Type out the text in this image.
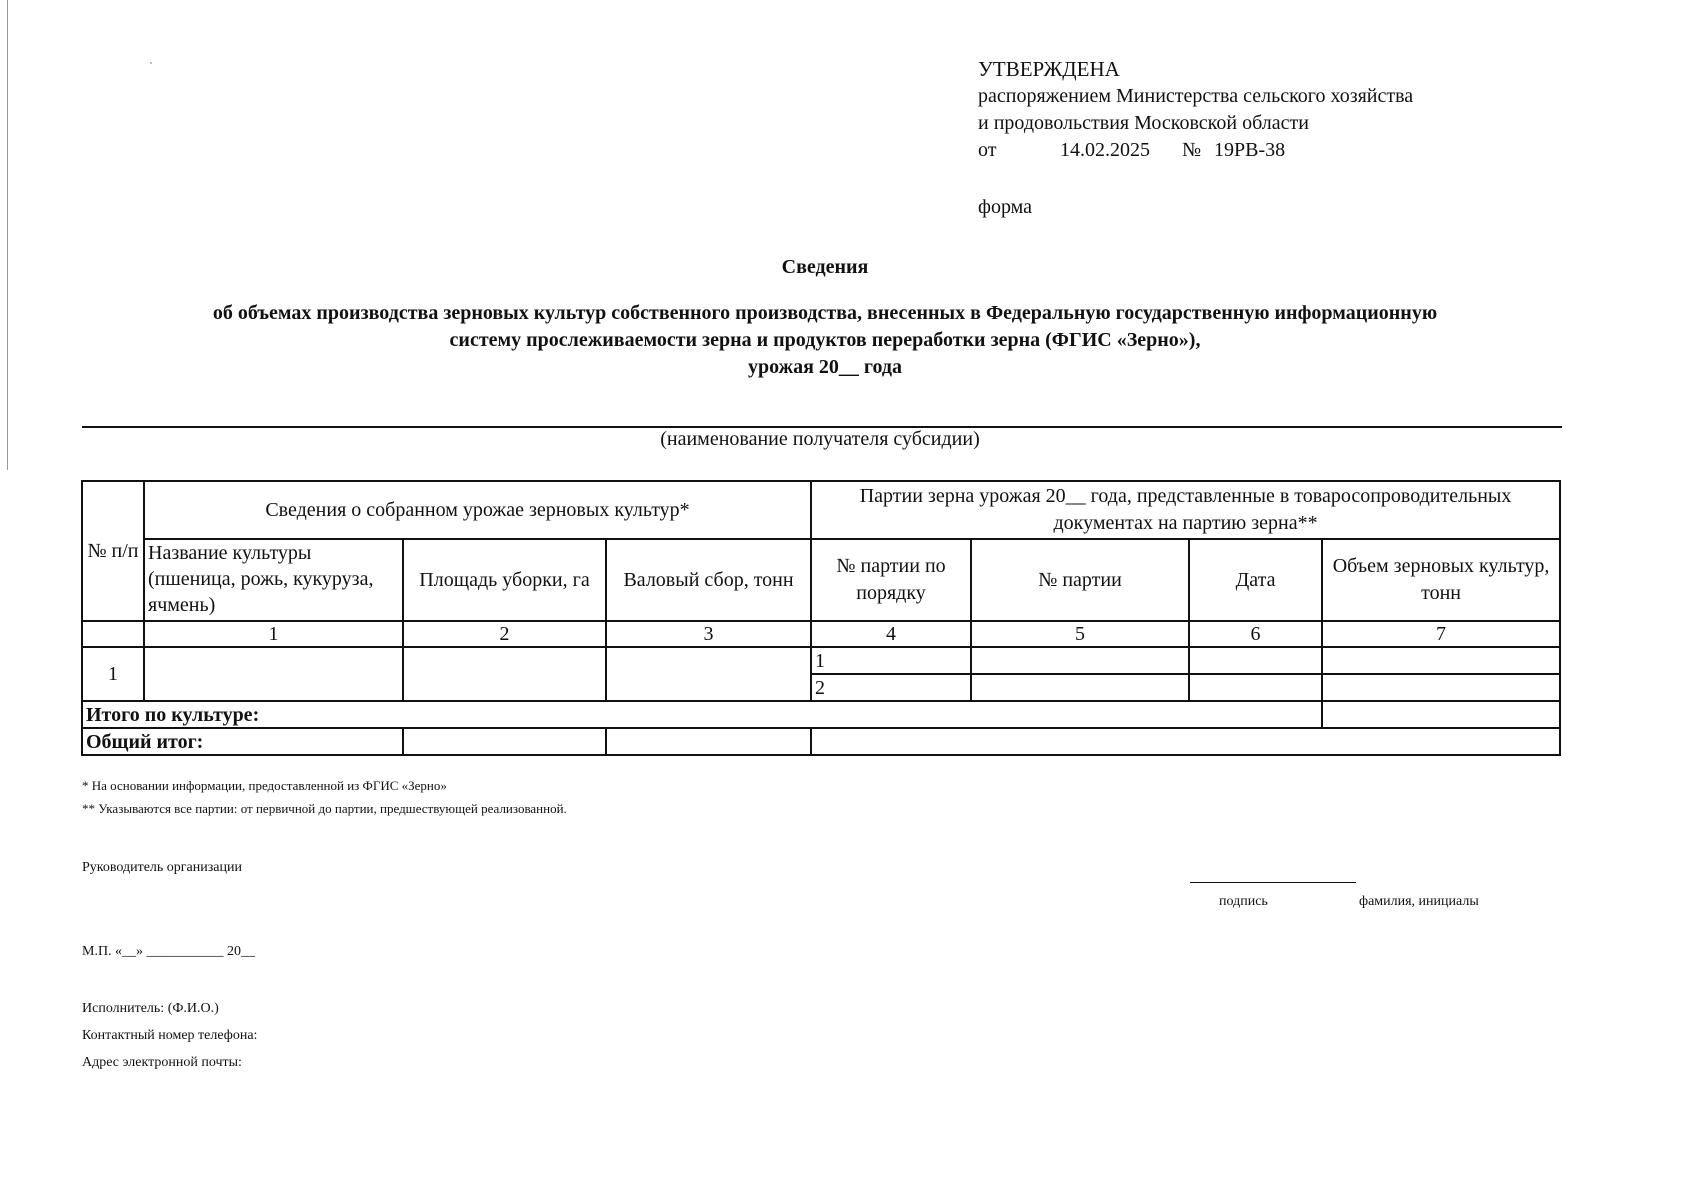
УТВЕРЖДЕНА
распоряжением Министерства сельского хозяйства
и продовольствия Московской области
от	14.02.2025	№ 19РВ-38
форма
Сведения
об объемах производства зерновых культур собственного производства, внесенных в Федеральную государственную информационную
систему прослеживаемости зерна и продуктов переработки зерна (ФГИС «Зерно»),
урожая 20__ года
(наименование получателя субсидии)
№ п/п	Сведения о собранном урожае зерновых культур*			Партии зерна урожая 20__ года, представленные в товаросопроводительных документах на партию зерна**			
	Название культуры (пшеница, рожь, кукуруза, ячмень)	Площадь уборки, га	Валовый сбор, тонн	№ партии по порядку	№ партии	Дата	Объем зерновых культур, тонн
	1	2	3	4	5	6	7
1				1			
				2			
Итого по культуре:							
Общий итог:							
* На основании информации, предоставленной из ФГИС «Зерно»
** Указываются все партии: от первичной до партии, предшествующей реализованной.
Руководитель организации
подпись	фамилия, инициалы
М.П. «__» ___________ 20__
Исполнитель: (Ф.И.О.)
Контактный номер телефона:
Адрес электронной почты:
